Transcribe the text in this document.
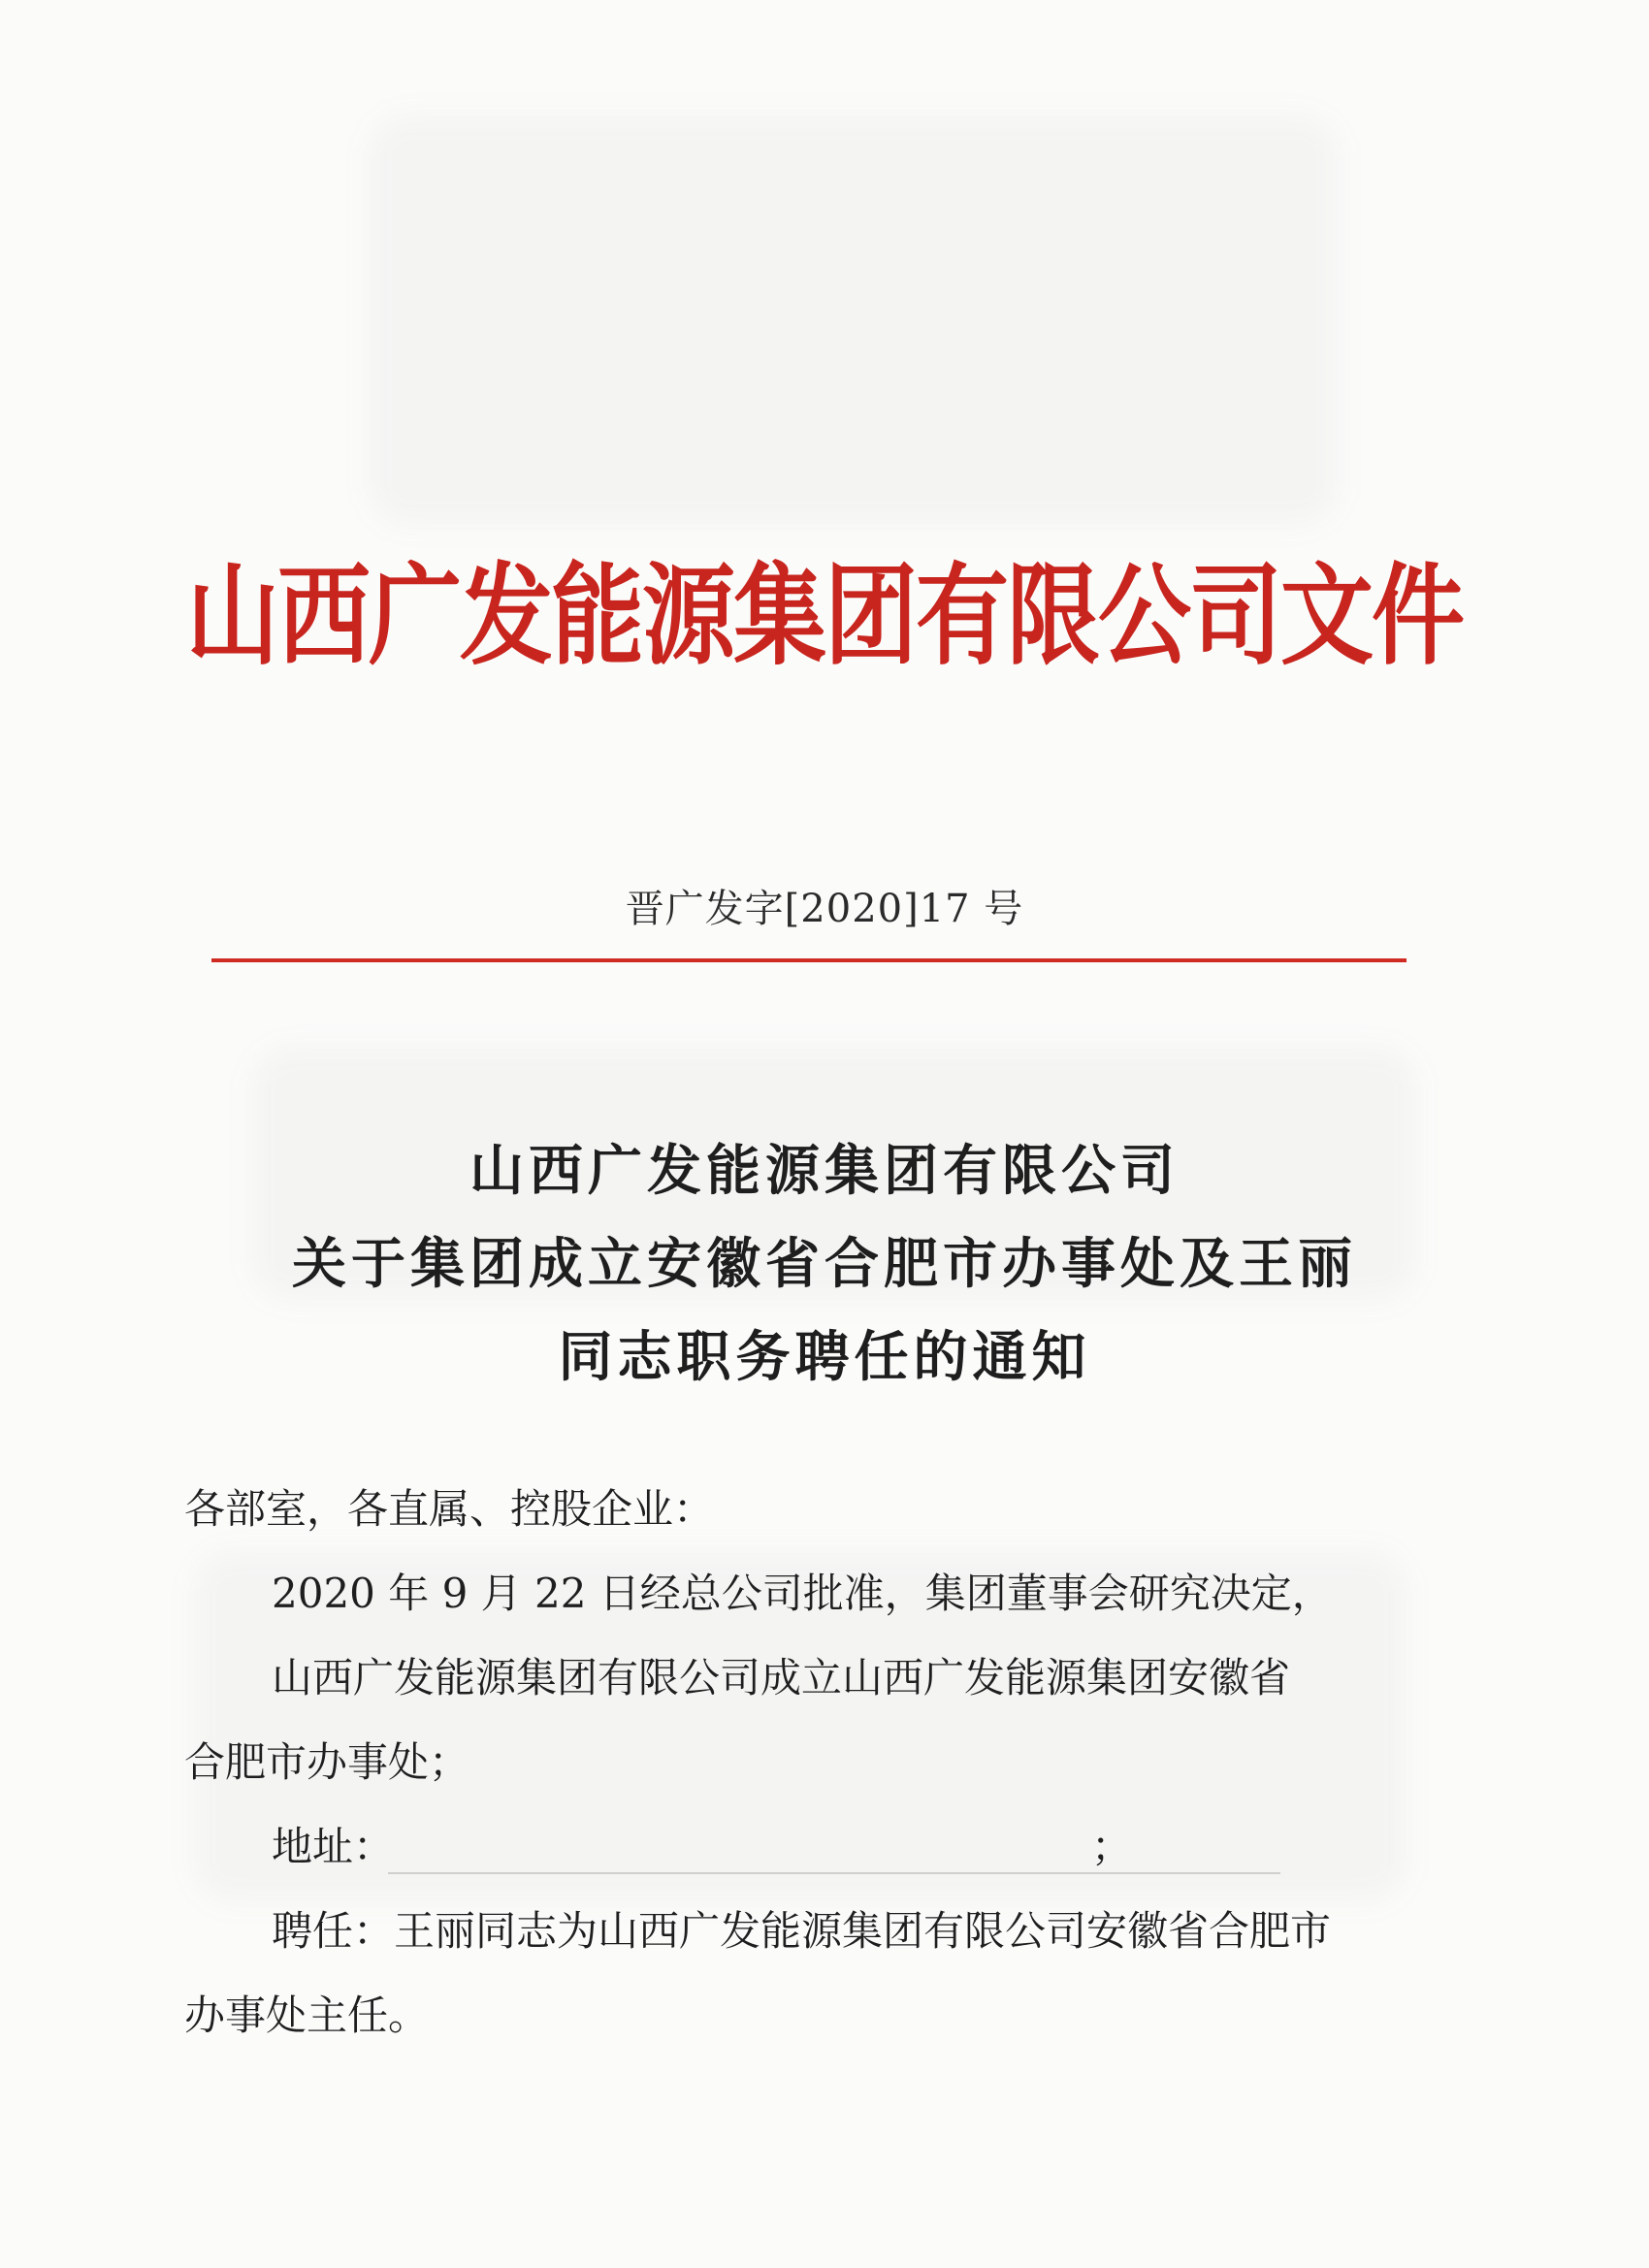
山西广发能源集团有限公司文件
晋广发字[2020]17 号
山西广发能源集团有限公司
关于集团成立安徽省合肥市办事处及王丽
同志职务聘任的通知

各部室，各直属、控股企业：

2020 年 9 月 22 日经总公司批准，集团董事会研究决定，

山西广发能源集团有限公司成立山西广发能源集团安徽省

合肥市办事处；

地址：	；

聘任：王丽同志为山西广发能源集团有限公司安徽省合肥市

办事处主任。
